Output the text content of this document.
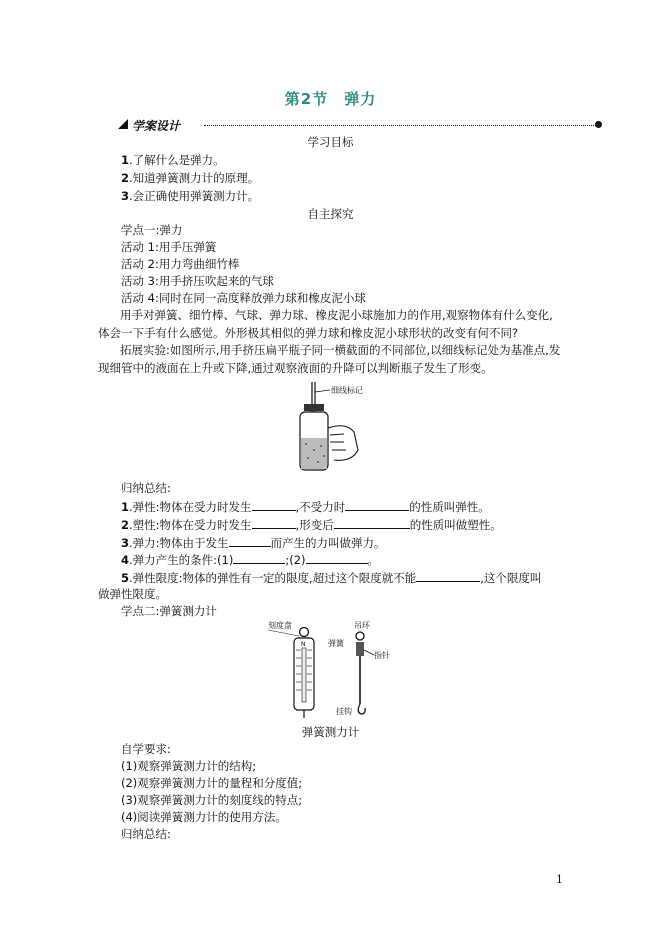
第2节　弹力
学案设计
学习目标
1.了解什么是弹力。
2.知道弹簧测力计的原理。
3.会正确使用弹簧测力计。
自主探究
学点一:弹力
活动 1:用手压弹簧
活动 2:用力弯曲细竹棒
活动 3:用手挤压吹起来的气球
活动 4:同时在同一高度释放弹力球和橡皮泥小球
用手对弹簧、细竹棒、气球、弹力球、橡皮泥小球施加力的作用,观察物体有什么变化,体会一下手有什么感觉。外形极其相似的弹力球和橡皮泥小球形状的改变有何不同?
拓展实验:如图所示,用手挤压扁平瓶子同一横截面的不同部位,以细线标记处为基准点,发现细管中的液面在上升或下降,通过观察液面的升降可以判断瓶子发生了形变。
细线标记
归纳总结:
1.弹性:物体在受力时发生	,不受力时	的性质叫弹性。
2.塑性:物体在受力时发生	,形变后	的性质叫做塑性。
3.弹力:物体由于发生	而产生的力叫做弹力。
4.弹力产生的条件:(1)	;(2)	。
5.弹性限度:物体的弹性有一定的限度,超过这个限度就不能	,这个限度叫
做弹性限度。
学点二:弹簧测力计
刻度盘	吊环
弹簧
指针
挂钩
N
弹簧测力计
自学要求:
(1)观察弹簧测力计的结构;
(2)观察弹簧测力计的量程和分度值;
(3)观察弹簧测力计的刻度线的特点;
(4)阅读弹簧测力计的使用方法。
归纳总结:
1
